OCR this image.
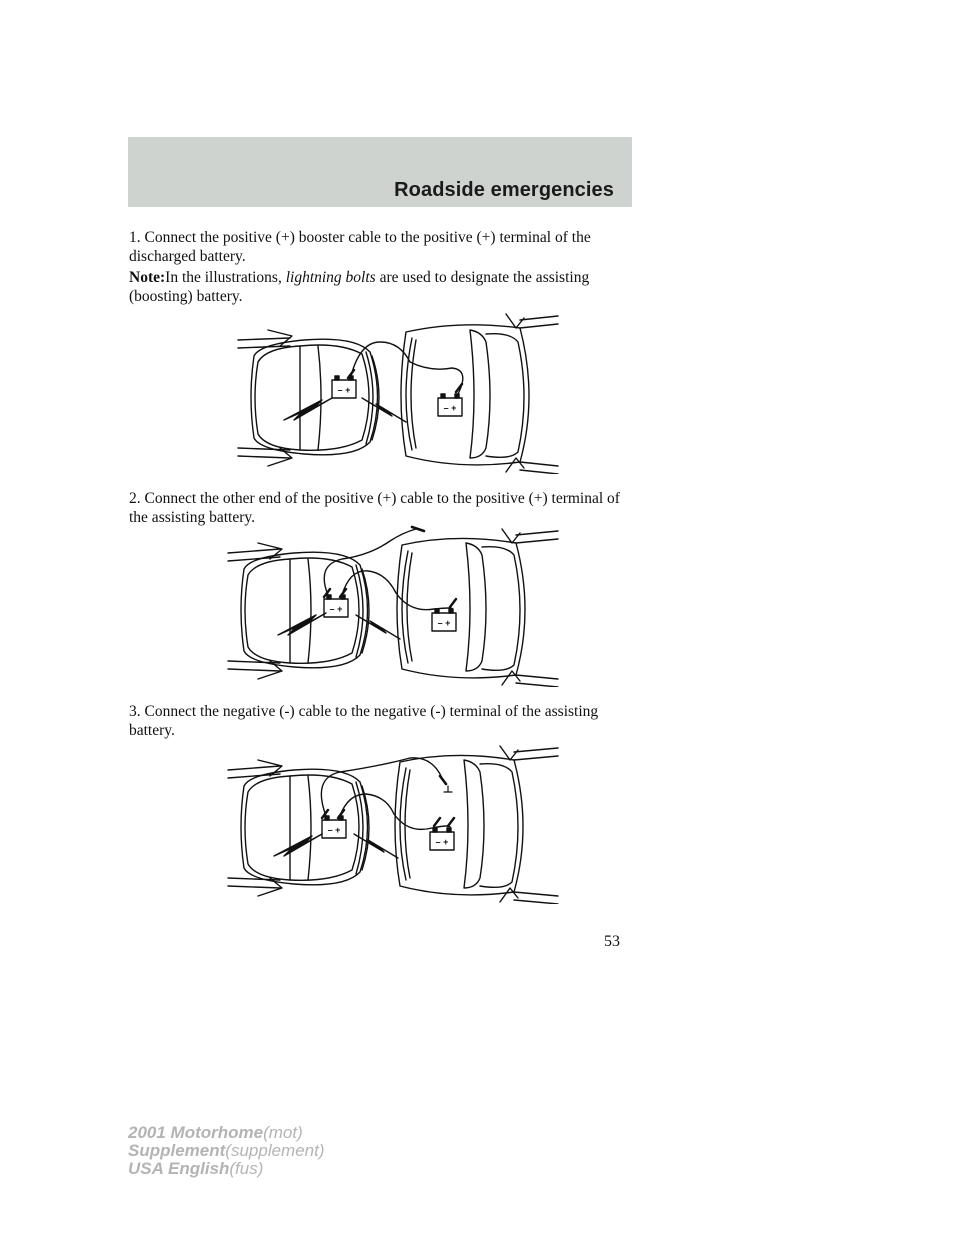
Roadside emergencies

1. Connect the positive (+) booster cable to the positive (+) terminal of the discharged battery.

Note:In the illustrations, lightning bolts are used to designate the assisting (boosting) battery.

– +
– +

2. Connect the other end of the positive (+) cable to the positive (+) terminal of the assisting battery.

– +
– +

3. Connect the negative (-) cable to the negative (-) terminal of the assisting battery.

– +
– +
53
2001 Motorhome(mot)
Supplement(supplement)
USA English(fus)
